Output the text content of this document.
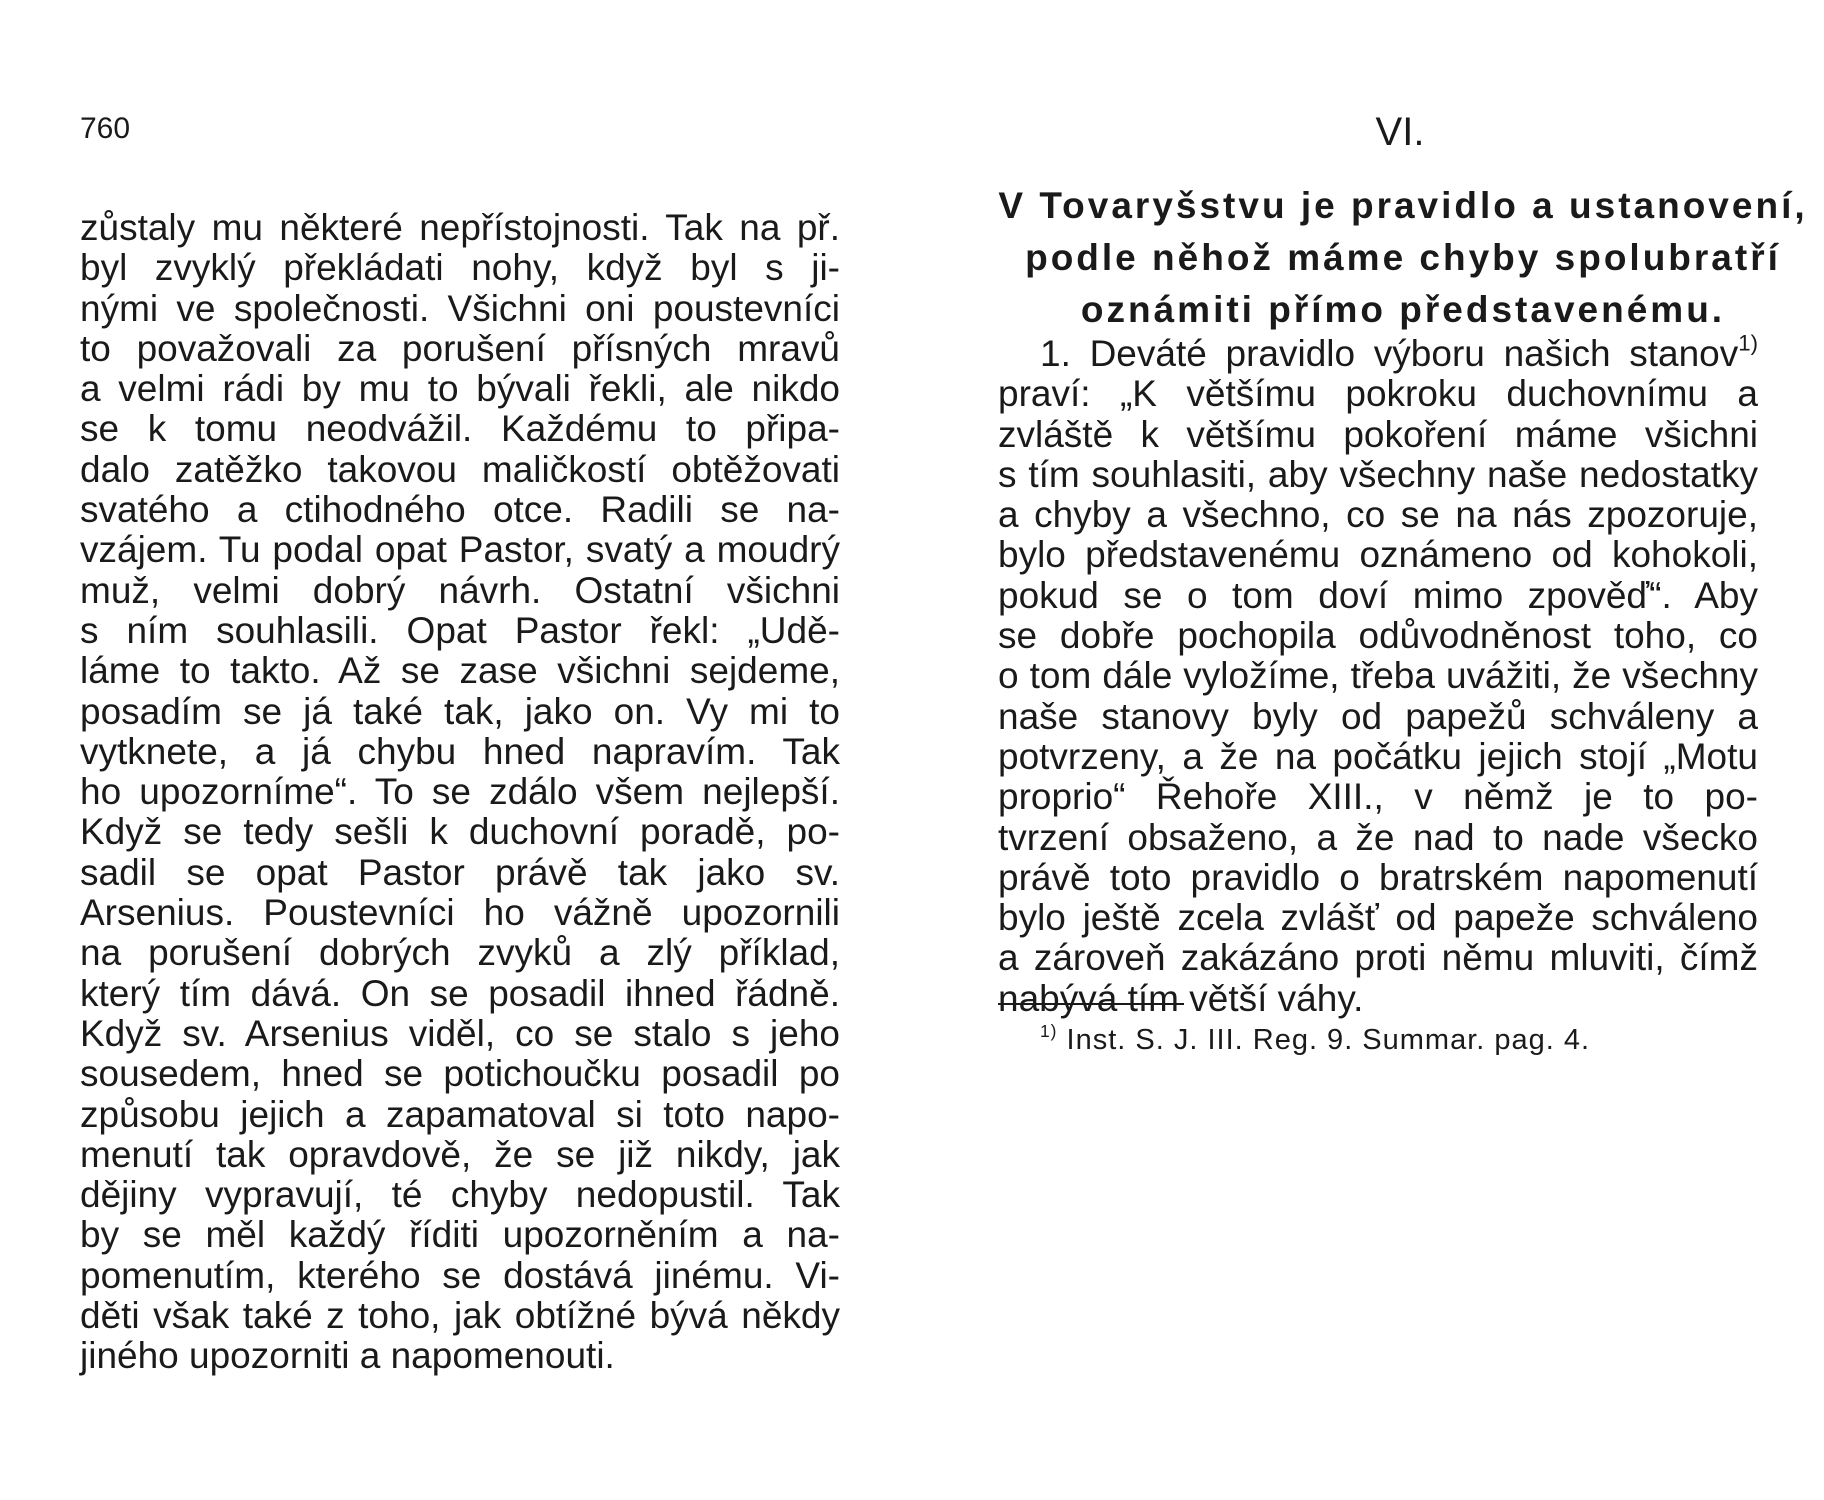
760
zůstaly mu některé nepřístojnosti. Tak na př.
byl zvyklý překládati nohy, když byl s ji-
nými ve společnosti. Všichni oni poustevníci
to považovali za porušení přísných mravů
a velmi rádi by mu to bývali řekli, ale nikdo
se k tomu neodvážil. Každému to připa-
dalo zatěžko takovou maličkostí obtěžovati
svatého a ctihodného otce. Radili se na-
vzájem. Tu podal opat Pastor, svatý a moudrý
muž, velmi dobrý návrh. Ostatní všichni
s ním souhlasili. Opat Pastor řekl: „Udě-
láme to takto. Až se zase všichni sejdeme,
posadím se já také tak, jako on. Vy mi to
vytknete, a já chybu hned napravím. Tak
ho upozorníme“. To se zdálo všem nejlepší.
Když se tedy sešli k duchovní poradě, po-
sadil se opat Pastor právě tak jako sv.
Arsenius. Poustevníci ho vážně upozornili
na porušení dobrých zvyků a zlý příklad,
který tím dává. On se posadil ihned řádně.
Když sv. Arsenius viděl, co se stalo s jeho
sousedem, hned se potichoučku posadil po
způsobu jejich a zapamatoval si toto napo-
menutí tak opravdově, že se již nikdy, jak
dějiny vypravují, té chyby nedopustil. Tak
by se měl každý říditi upozorněním a na-
pomenutím, kterého se dostává jinému. Vi-
děti však také z toho, jak obtížné bývá někdy
jiného upozorniti a napomenouti.
VI.
V Tovaryšstvu je pravidlo a ustanovení,
podle něhož máme chyby spolubratří
oznámiti přímo představenému.
1. Deváté pravidlo výboru našich stanov$^{1)}$
praví: „K většímu pokroku duchovnímu a
zvláště k většímu pokoření máme všichni
s tím souhlasiti, aby všechny naše nedostatky
a chyby a všechno, co se na nás zpozoruje,
bylo představenému oznámeno od kohokoli,
pokud se o tom doví mimo zpověď“. Aby
se dobře pochopila odůvodněnost toho, co
o tom dále vyložíme, třeba uvážiti, že všechny
naše stanovy byly od papežů schváleny a
potvrzeny, a že na počátku jejich stojí „Motu
proprio“ Řehoře XIII., v němž je to po-
tvrzení obsaženo, a že nad to nade všecko
právě toto pravidlo o bratrském napomenutí
bylo ještě zcela zvlášť od papeže schváleno
a zároveň zakázáno proti němu mluviti, čímž
nabývá tím větší váhy.
$^{1)}$ Inst. S. J. III. Reg. 9. Summar. pag. 4.
